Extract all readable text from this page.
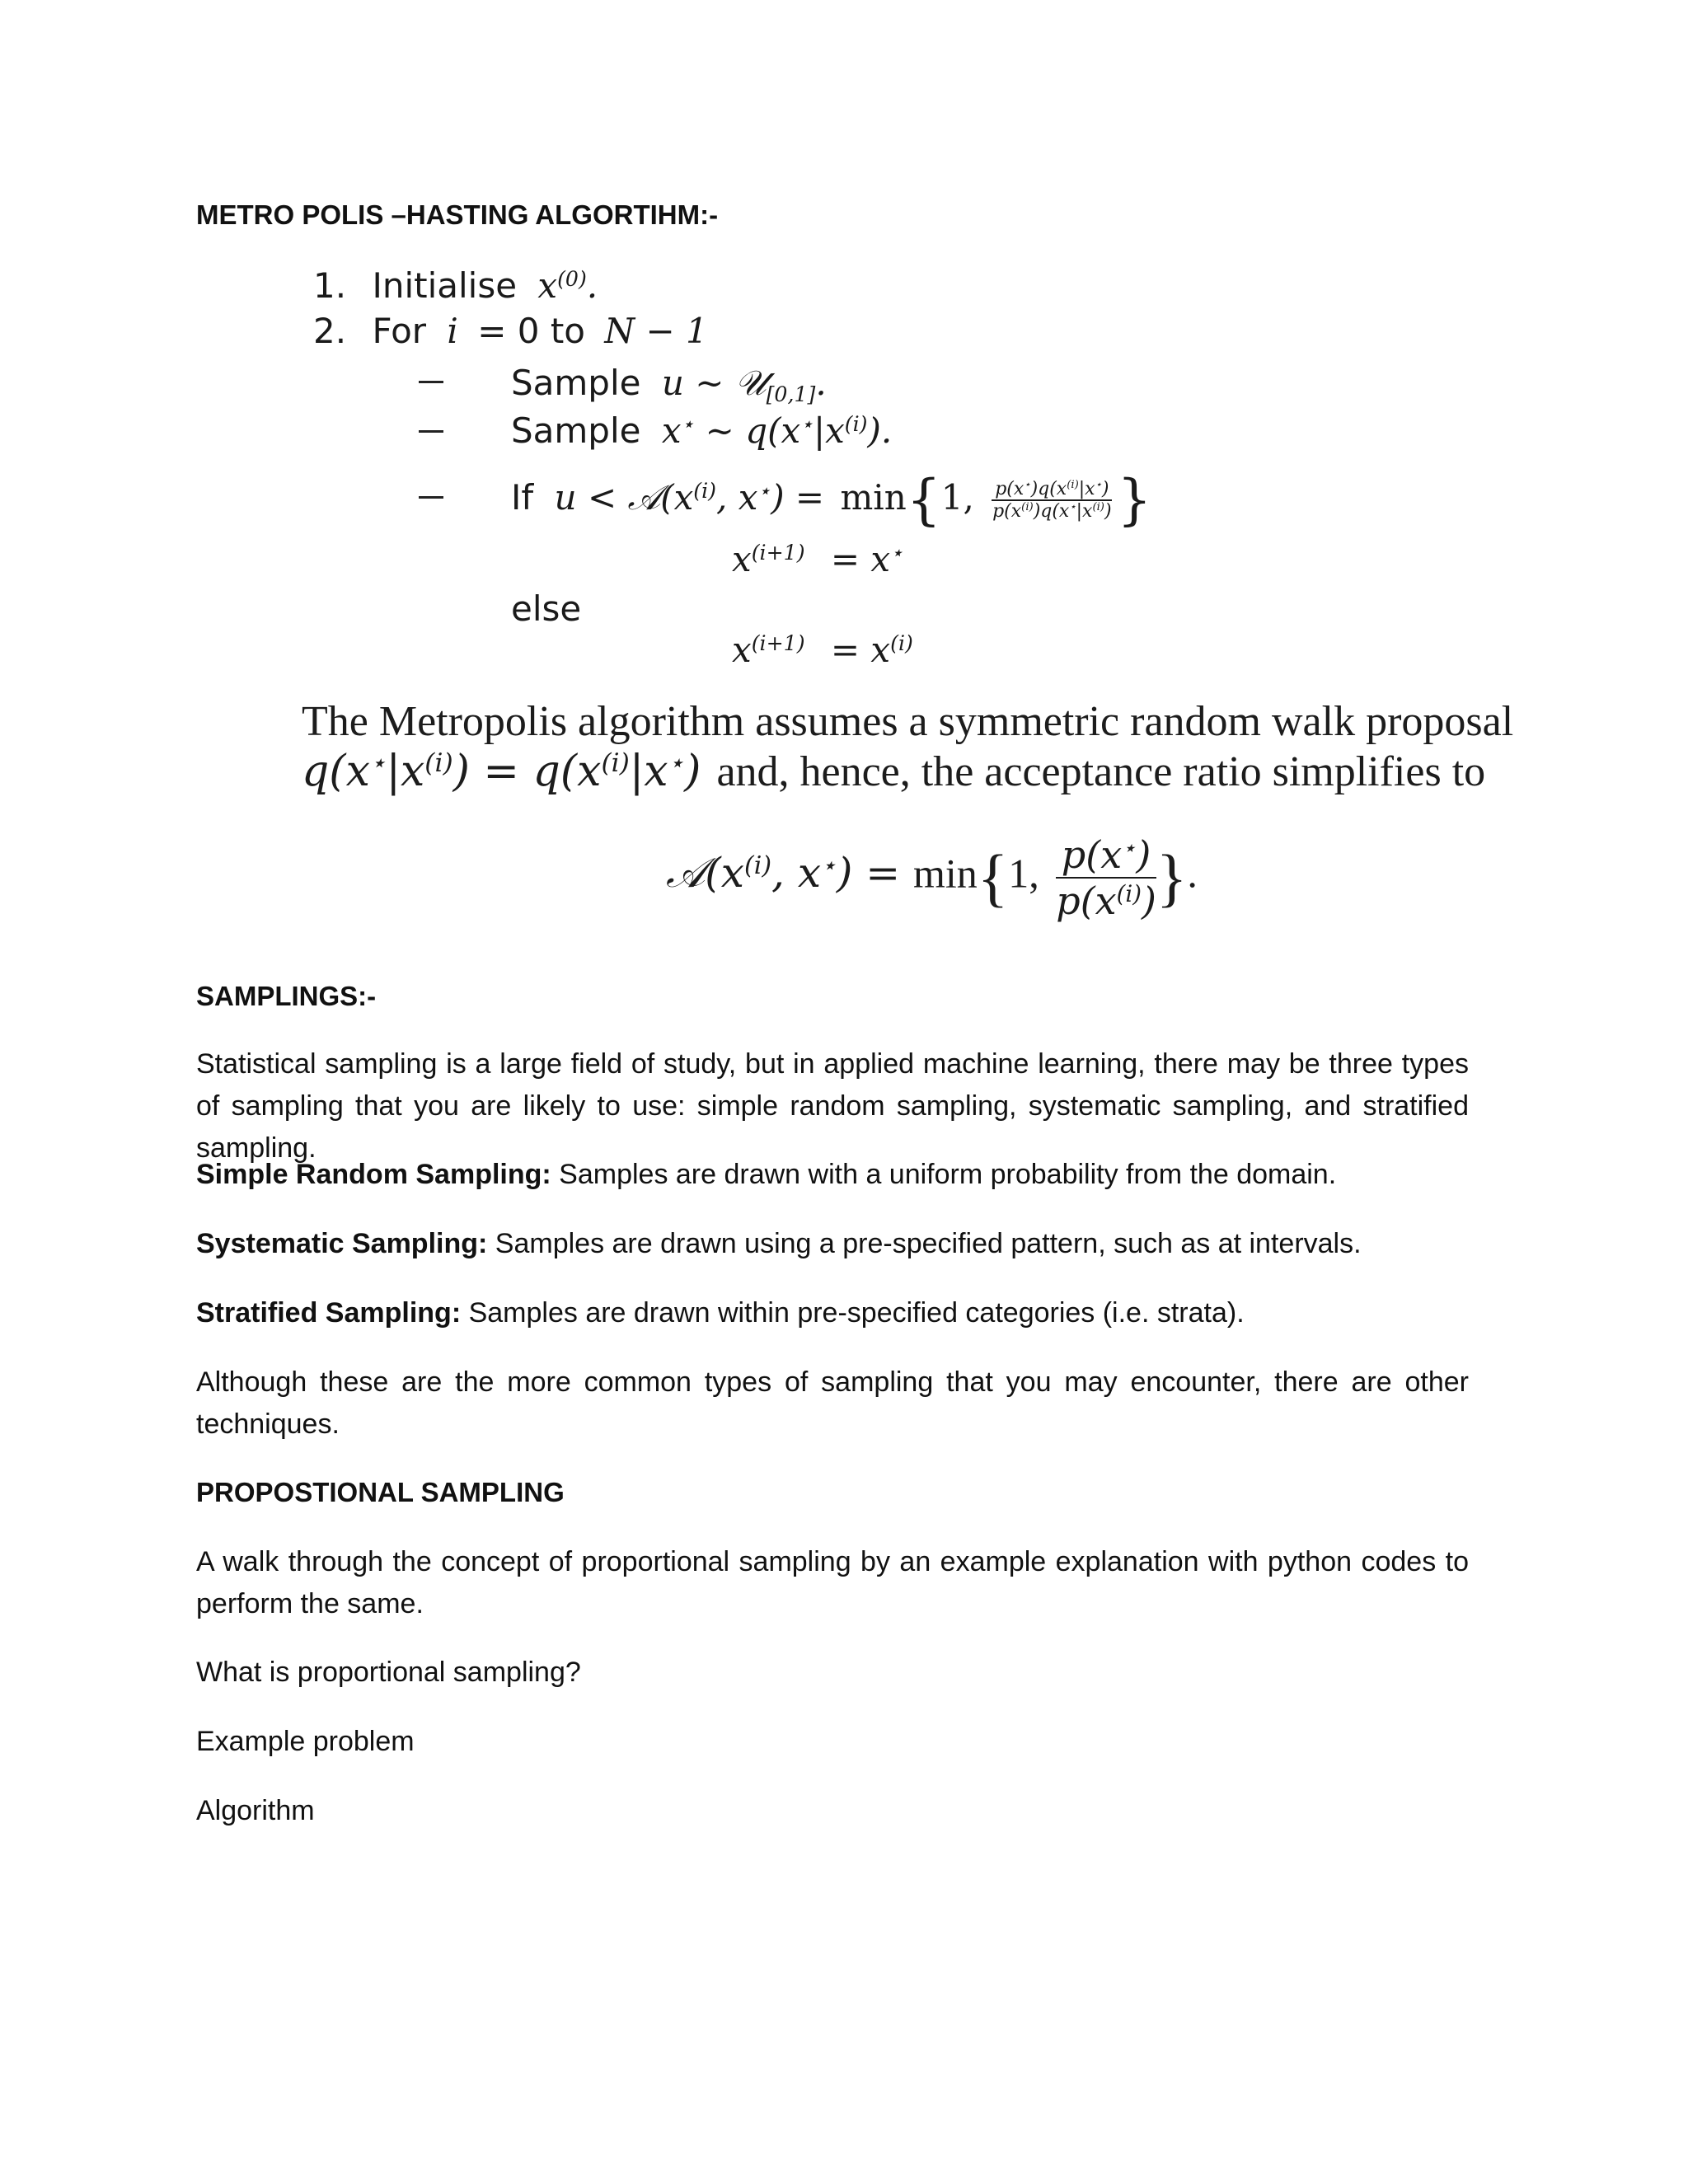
METRO POLIS –HASTING ALGORTIHM:-
1. Initialise $x^{(0)}$.
2. For i = 0 to N − 1
Sample u ∼ 𝒰$_{[0,1]}$.
Sample x⋆ ∼ $q(x^⋆|x^{(i)})$.
If $u < 𝒜(x^{(i)}$, x⋆) = min{1, $\frac{p(x^⋆)q(x^{(i)}|x^⋆)}{p(x^{(i)})q(x^⋆|x^{(i)})}$ }
$x^{(i+1)} = x^⋆$
else
$x^{(i+1)} = x^{(i)}$
The Metropolis algorithm assumes a symmetric random walk proposal
$q(x^⋆|x^{(i)}) = q(x^{(i)}|x^⋆)$ and, hence, the acceptance ratio simplifies to
$𝒜(x^{(i)}$, x⋆) = min{1, $\frac{p(x^⋆)}{p(x^{(i)})}$ }.
SAMPLINGS:-
Statistical sampling is a large field of study, but in applied machine learning, there may be three types of sampling that you are likely to use: simple random sampling, systematic sampling, and stratified sampling.
Simple Random Sampling: Samples are drawn with a uniform probability from the domain.
Systematic Sampling: Samples are drawn using a pre-specified pattern, such as at intervals.
Stratified Sampling: Samples are drawn within pre-specified categories (i.e. strata).
Although these are the more common types of sampling that you may encounter, there are other techniques.
PROPOSTIONAL SAMPLING
A walk through the concept of proportional sampling by an example explanation with python codes to perform the same.
What is proportional sampling?
Example problem
Algorithm
